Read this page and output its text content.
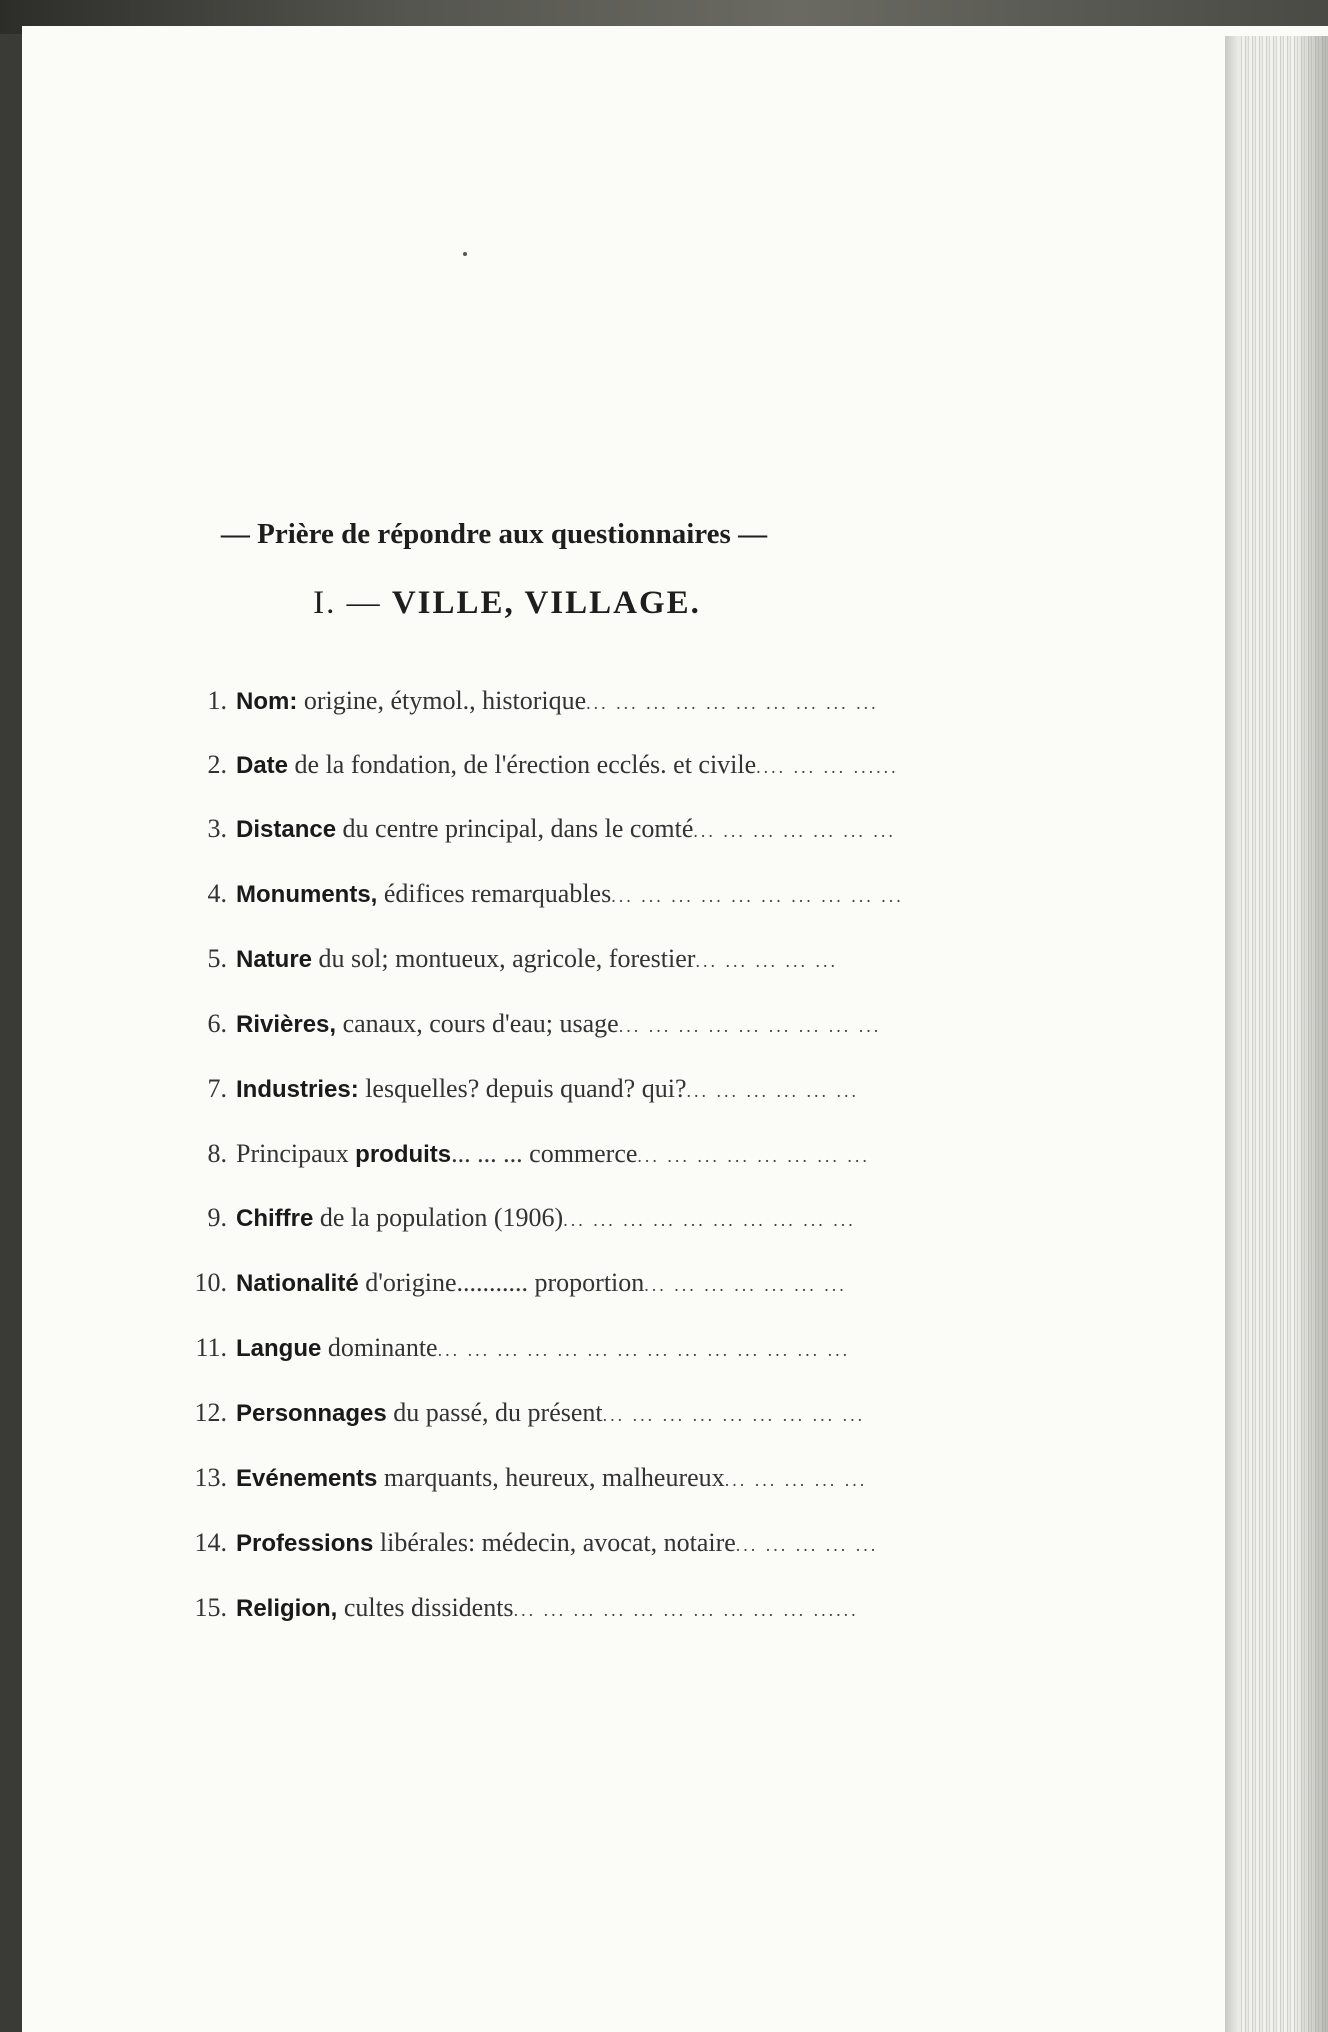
— Prière de répondre aux questionnaires —
I. — VILLE, VILLAGE.
1. Nom:
origine, étymol., historique ... ... ... ... ... ... ... ... ... ...
2. Date
de la fondation, de l'érection ecclés. et civile .... ... ... ......
3. Distance
du centre principal, dans le comté ... ... ... ... ... ... ...
4. Monuments,
édifices remarquables ... ... ... ... ... ... ... ... ... ...
5. Nature
du sol; montueux, agricole, forestier ... ... ... ... ...
6. Rivières,
canaux, cours d'eau; usage ... ... ... ... ... ... ... ... ...
7. Industries:
lesquelles? depuis quand? qui? ... ... ... ... ... ...
8. Principaux
produits ... ... ... commerce ... ... ... ... ... ... ... ...
9. Chiffre
de la population (1906) ... ... ... ... ... ... ... ... ... ...
10. Nationalité
d'origine........... proportion ... ... ... ... ... ... ...
11. Langue
dominante ... ... ... ... ... ... ... ... ... ... ... ... ... ...
12. Personnages
du passé, du présent ... ... ... ... ... ... ... ... ...
13. Evénements
marquants, heureux, malheureux ... ... ... ... ...
14. Professions
libérales: médecin, avocat, notaire ... ... ... ... ...
15. Religion,
cultes dissidents ... ... ... ... ... ... ... ... ... ... ......
